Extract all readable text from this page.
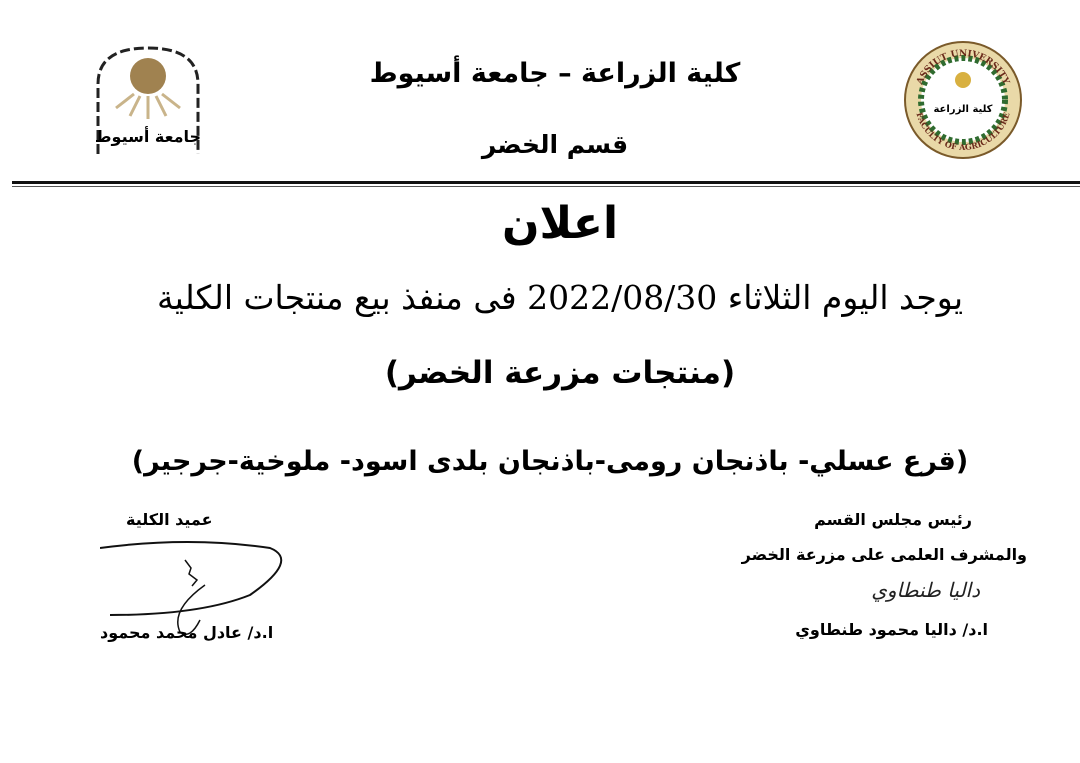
جامعة أسيوط
كلية الزراعة
ASSIUT UNIVERSITY
FACULTY OF AGRICULTURE
كلية الزراعة – جامعة أسيوط
قسم الخضر
اعلان
يوجد اليوم الثلاثاء 2022/08/30 فى منفذ بيع منتجات الكلية
(منتجات مزرعة الخضر)
(قرع عسلي- باذنجان رومى-باذنجان بلدى اسود- ملوخية-جرجير)
رئيس مجلس القسم
والمشرف العلمى على مزرعة الخضر
داليا طنطاوي
ا.د/ داليا محمود طنطاوي
عميد الكلية
ا.د/ عادل محمد محمود
